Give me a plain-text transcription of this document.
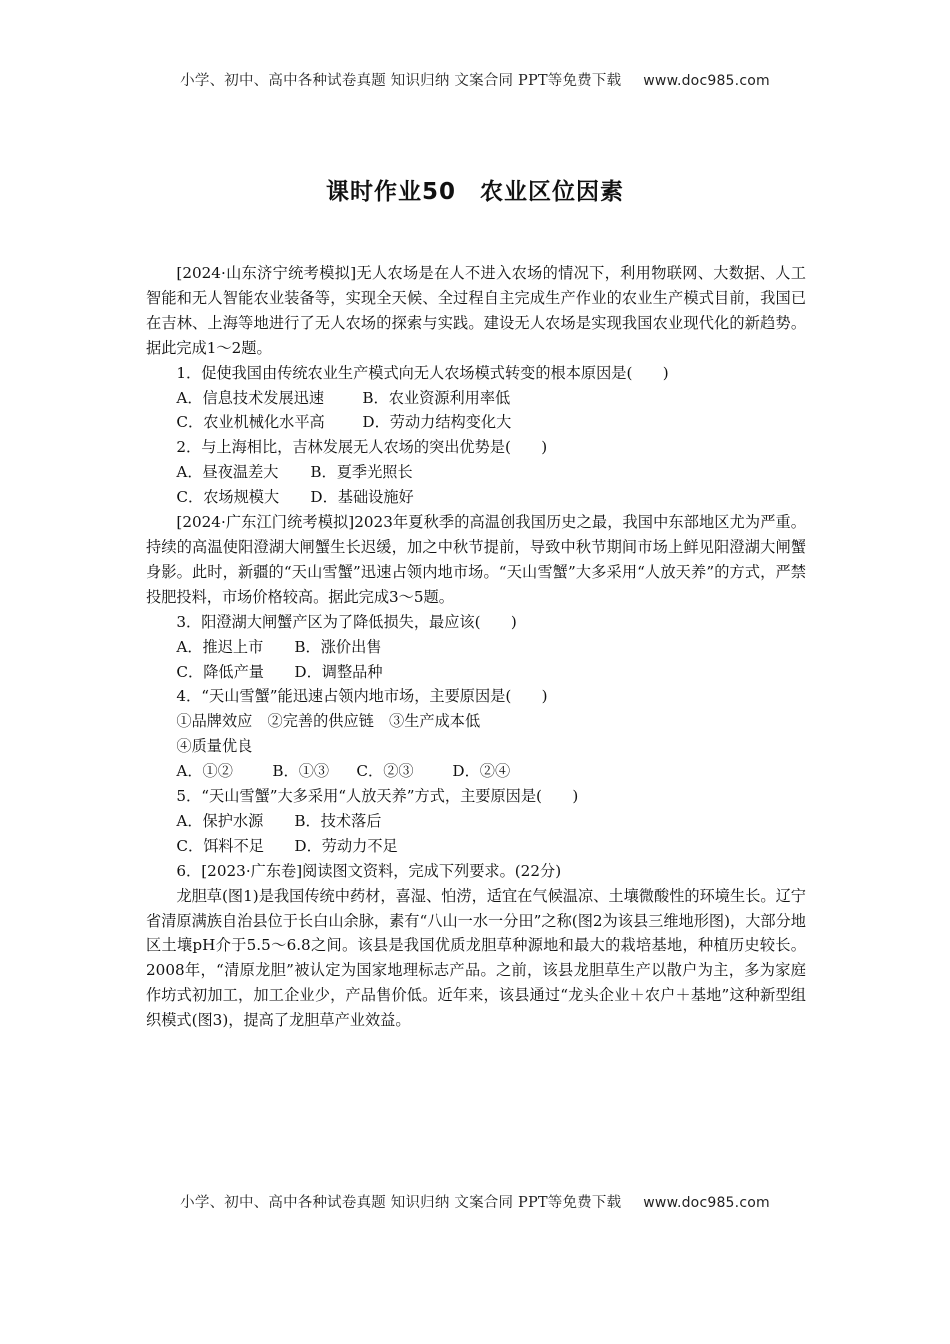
小学、初中、高中各种试卷真题 知识归纳 文案合同 PPT等免费下载 www.doc985.com
课时作业50　农业区位因素

[2024·山东济宁统考模拟]无人农场是在人不进入农场的情况下，利用物联网、大数据、人工智能和无人智能农业装备等，实现全天候、全过程自主完成生产作业的农业生产模式目前，我国已在吉林、上海等地进行了无人农场的探索与实践。建设无人农场是实现我国农业现代化的新趋势。据此完成1～2题。

1．促使我国由传统农业生产模式向无人农场模式转变的根本原因是(　　)

A．信息技术发展迅速	B．农业资源利用率低

C．农业机械化水平高 D．劳动力结构变化大

2．与上海相比，吉林发展无人农场的突出优势是(　　)

A．昼夜温差大 B．夏季光照长

C．农场规模大 D．基础设施好

[2024·广东江门统考模拟]2023年夏秋季的高温创我国历史之最，我国中东部地区尤为严重。持续的高温使阳澄湖大闸蟹生长迟缓，加之中秋节提前，导致中秋节期间市场上鲜见阳澄湖大闸蟹身影。此时，新疆的“天山雪蟹”迅速占领内地市场。“天山雪蟹”大多采用“人放天养”的方式，严禁投肥投料，市场价格较高。据此完成3～5题。

3．阳澄湖大闸蟹产区为了降低损失，最应该(　　)

A．推迟上市 B．涨价出售

C．降低产量 D．调整品种

4．“天山雪蟹”能迅速占领内地市场，主要原因是(　　)

①品牌效应　②完善的供应链　③生产成本低

④质量优良

A．①②	B．①③ C．②③	D．②④

5．“天山雪蟹”大多采用“人放天养”方式，主要原因是(　　)

A．保护水源 B．技术落后

C．饵料不足 D．劳动力不足

6．[2023·广东卷]阅读图文资料，完成下列要求。(22分)

龙胆草(图1)是我国传统中药材，喜湿、怕涝，适宜在气候温凉、土壤微酸性的环境生长。辽宁省清原满族自治县位于长白山余脉，素有“八山一水一分田”之称(图2为该县三维地形图)，大部分地区土壤pH介于5.5～6.8之间。该县是我国优质龙胆草种源地和最大的栽培基地，种植历史较长。2008年，“清原龙胆”被认定为国家地理标志产品。之前，该县龙胆草生产以散户为主，多为家庭作坊式初加工，加工企业少，产品售价低。近年来，该县通过“龙头企业＋农户＋基地”这种新型组织模式(图3)，提高了龙胆草产业效益。

小学、初中、高中各种试卷真题 知识归纳 文案合同 PPT等免费下载 www.doc985.com
